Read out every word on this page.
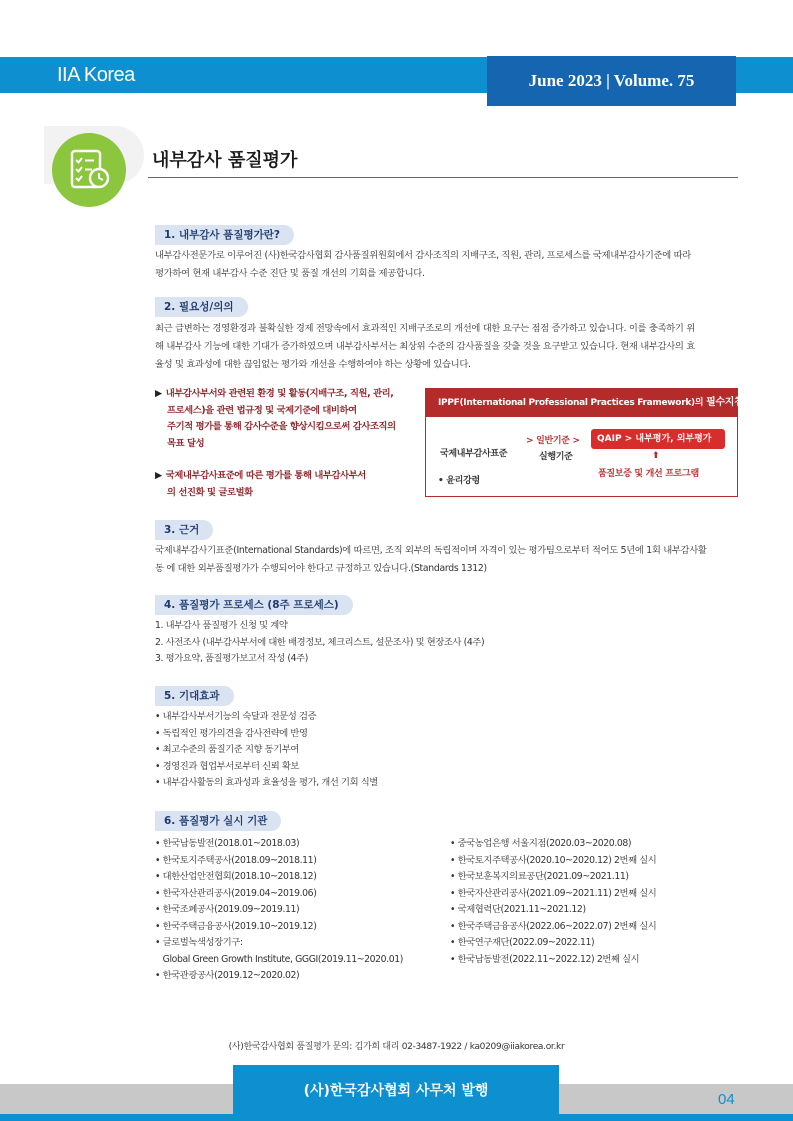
IIA Korea	June 2023 | Volume. 75
내부감사 품질평가
1. 내부감사 품질평가란?
내부감사전문가로 이루어진 (사)한국감사협회 감사품질위원회에서 감사조직의 지배구조, 직원, 관리, 프로세스를 국제내부감사기준에 따라
평가하여 현재 내부감사 수준 진단 및 품질 개선의 기회를 제공합니다.
2. 필요성/의의
최근 급변하는 경영환경과 불확실한 경제 전망속에서 효과적인 지배구조로의 개선에 대한 요구는 점점 증가하고 있습니다. 이를 충족하기 위
해 내부감사 기능에 대한 기대가 증가하였으며 내부감사부서는 최상위 수준의 감사품질을 갖출 것을 요구받고 있습니다. 현재 내부감사의 효
율성 및 효과성에 대한 끊임없는 평가와 개선을 수행하여야 하는 상황에 있습니다.
▶ 내부감사부서와 관련된 환경 및 활동(지배구조, 직원, 관리,
프로세스)을 관련 법규정 및 국제기준에 대비하여
주기적 평가를 통해 감사수준을 향상시킴으로써 감사조직의
목표 달성
▶ 국제내부감사표준에 따른 평가를 통해 내부감사부서
의 선진화 및 글로벌화
IPPF(International Professional Practices Framework)의 필수지침
국제내부감사표준
> 일반기준 >	QAIP > 내부평가, 외부평가
실행기준	⬆
품질보증 및 개선 프로그램
• 윤리강령
3. 근거
국제내부감사기표준(International Standards)에 따르면, 조직 외부의 독립적이며 자격이 있는 평가팀으로부터 적어도 5년에 1회 내부감사활
동 에 대한 외부품질평가가 수행되어야 한다고 규정하고 있습니다.(Standards 1312)
4. 품질평가 프로세스 (8주 프로세스)
1. 내부감사 품질평가 신청 및 계약
2. 사전조사 (내부감사부서에 대한 배경정보, 체크리스트, 설문조사) 및 현장조사 (4주)
3. 평가요약, 품질평가보고서 작성 (4주)
5. 기대효과
• 내부감사부서기능의 숙달과 전문성 검증
• 독립적인 평가의견을 감사전략에 반영
• 최고수준의 품질기준 지향 동기부여
• 경영진과 협업부서로부터 신뢰 확보
• 내부감사활동의 효과성과 효율성을 평가, 개선 기회 식별
6. 품질평가 실시 기관
• 한국남동발전(2018.01~2018.03)
• 한국토지주택공사(2018.09~2018.11)
• 대한산업안전협회(2018.10~2018.12)
• 한국자산관리공사(2019.04~2019.06)
• 한국조폐공사(2019.09~2019.11)
• 한국주택금융공사(2019.10~2019.12)
• 글로벌녹색성장기구:
Global Green Growth Institute, GGGI(2019.11~2020.01)
• 한국관광공사(2019.12~2020.02)
• 중국농업은행 서울지점(2020.03~2020.08)
• 한국토지주택공사(2020.10~2020.12) 2번째 실시
• 한국보훈복지의료공단(2021.09~2021.11)
• 한국자산관리공사(2021.09~2021.11) 2번째 실시
• 국제협력단(2021.11~2021.12)
• 한국주택금융공사(2022.06~2022.07) 2번째 실시
• 한국연구재단(2022.09~2022.11)
• 한국남동발전(2022.11~2022.12) 2번째 실시
(사)한국감사협회 품질평가 문의: 김가희 대리 02-3487-1922 / ka0209@iiakorea.or.kr
(사)한국감사협회 사무처 발행
04
